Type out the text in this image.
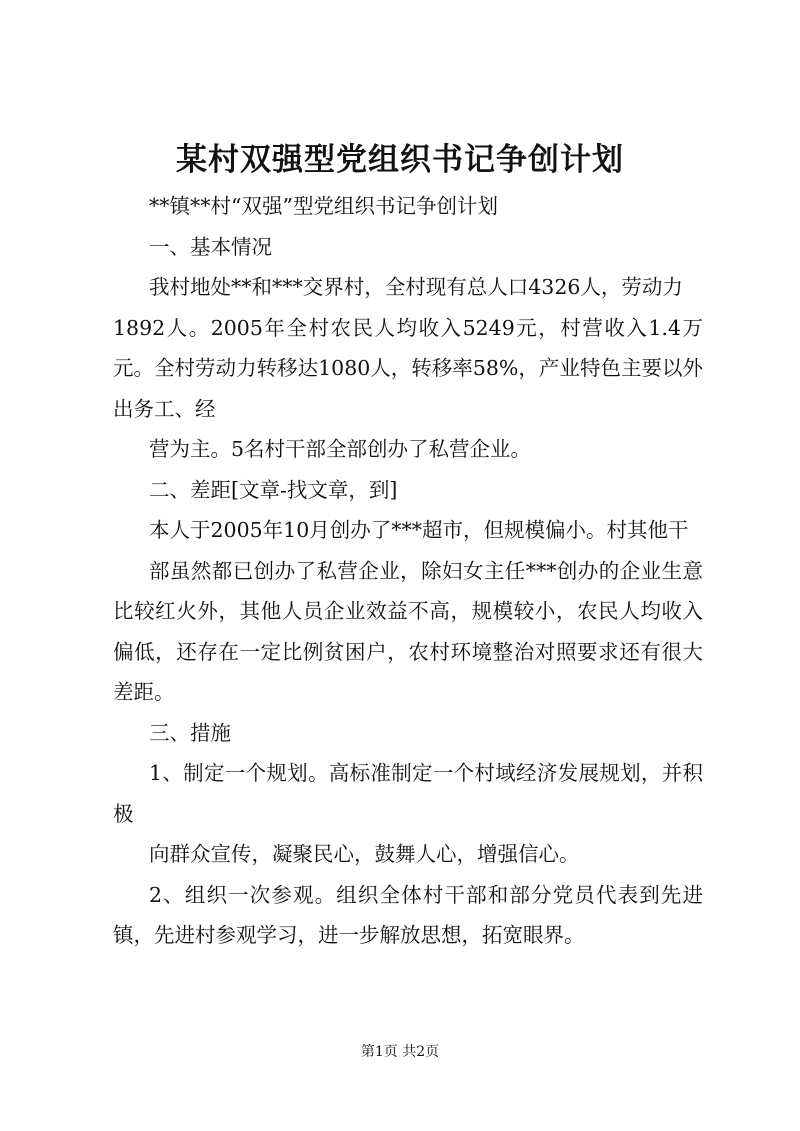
某村双强型党组织书记争创计划

**镇**村“双强”型党组织书记争创计划

一、基本情况

我村地处**和***交界村，全村现有总人口4326人，劳动力

1892人。2005年全村农民人均收入5249元，村营收入1.4万元。全村劳动力转移达1080人，转移率58%，产业特色主要以外出务工、经

营为主。5名村干部全部创办了私营企业。

二、差距[文章-找文章，到]

本人于2005年10月创办了***超市，但规模偏小。村其他干

部虽然都已创办了私营企业，除妇女主任***创办的企业生意比较红火外，其他人员企业效益不高，规模较小，农民人均收入偏低，还存在一定比例贫困户，农村环境整治对照要求还有很大差距。

三、措施

1、制定一个规划。高标准制定一个村域经济发展规划，并积极

向群众宣传，凝聚民心，鼓舞人心，增强信心。

2、组织一次参观。组织全体村干部和部分党员代表到先进镇，先进村参观学习，进一步解放思想，拓宽眼界。

第1页 共2页
